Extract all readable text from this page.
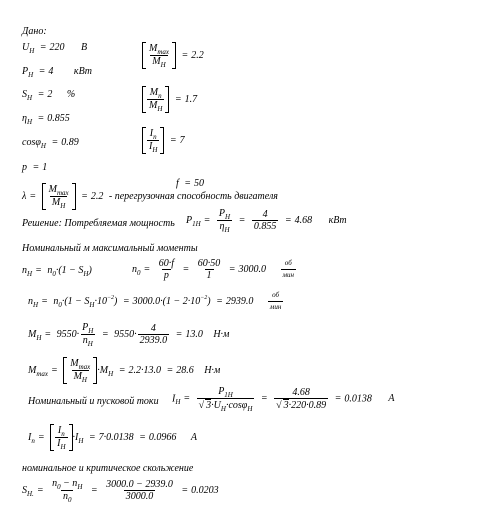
Дано:
$U_H = 220$ B
$P_H = 4$ кBт
$S_H = 2$ %
$\eta_H = 0.855$
cosφ$_H$ = 0.89
p = 1
$M_{max}$
$M_H$
= 2.2
$M_n$
$M_H$
= 1.7
$I_n$
$I_H$
= 7
f = 50
λ =
$M_{max}$
$M_H$
= 2.2 - перегрузочная способность двигателя
Решение: Потребляемая мощность $P_{1H} = \frac{P_H}{\eta_H} = \frac{4}{0.855} = 4.68$ кBт
Номинальный м максимальный моменты
$n_H = n_0\cdot(1 - S_H)$	$n_0 = \frac{60\cdot f}{p} = \frac{60\cdot 50}{1} = 3000.0$
об
мин
$n_H = n_0\cdot(1 - S_H\cdot 10^{-2}) = 3000.0\cdot(1 - 2\cdot 10^{-2}) = 2939.0$
об
мин
$M_H = 9550\cdot \frac{P_H}{n_H} = 9550\cdot \frac{4}{2939.0} = 13.0$ H·м
$M_{max}$ =
$M_{max}$
$M_H$
$\cdot M_H = 2.2\cdot 13.0 = 28.6$ H·м
Номинальный и пусковой токи $I_H = \frac{P_{1H}}{√ 3\cdot U_H\cdot\cos\varphi_H} = \frac{4.68}{√ 3\cdot 220\cdot 0.89} = 0.0138$ A
$I_n$ =
$I_n$
$I_H$
$\cdot I_H = 7\cdot 0.0138 = 0.0966$ A
номинальное и критическое скольжение
$S_{H.} = \frac{n_0 - n_H}{n_0} = \frac{3000.0 - 2939.0}{3000.0} = 0.0203$
